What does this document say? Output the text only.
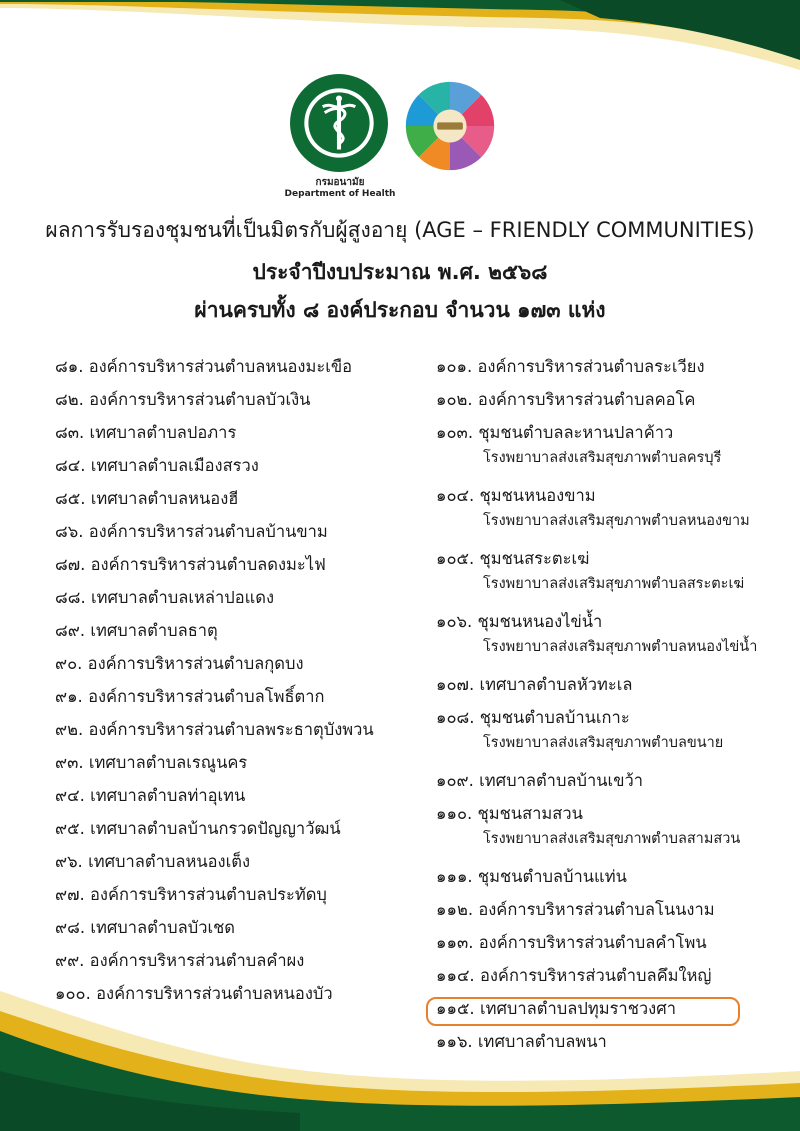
กรมอนามัย
Department of Health
ผลการรับรองชุมชนที่เป็นมิตรกับผู้สูงอายุ (AGE – FRIENDLY COMMUNITIES)
ประจำปีงบประมาณ พ.ศ. ๒๕๖๘
ผ่านครบทั้ง ๘ องค์ประกอบ จำนวน ๑๗๓ แห่ง
๘๑. องค์การบริหารส่วนตำบลหนองมะเขือ
๘๒. องค์การบริหารส่วนตำบลบัวเงิน
๘๓. เทศบาลตำบลปอภาร
๘๔. เทศบาลตำบลเมืองสรวง
๘๕. เทศบาลตำบลหนองฮี
๘๖. องค์การบริหารส่วนตำบลบ้านขาม
๘๗. องค์การบริหารส่วนตำบลดงมะไฟ
๘๘. เทศบาลตำบลเหล่าปอแดง
๘๙. เทศบาลตำบลธาตุ
๙๐. องค์การบริหารส่วนตำบลกุดบง
๙๑. องค์การบริหารส่วนตำบลโพธิ์ตาก
๙๒. องค์การบริหารส่วนตำบลพระธาตุบังพวน
๙๓. เทศบาลตำบลเรณูนคร
๙๔. เทศบาลตำบลท่าอุเทน
๙๕. เทศบาลตำบลบ้านกรวดปัญญาวัฒน์
๙๖. เทศบาลตำบลหนองเต็ง
๙๗. องค์การบริหารส่วนตำบลประทัดบุ
๙๘. เทศบาลตำบลบัวเชด
๙๙. องค์การบริหารส่วนตำบลคำผง
๑๐๐. องค์การบริหารส่วนตำบลหนองบัว
๑๐๑. องค์การบริหารส่วนตำบลระเวียง
๑๐๒. องค์การบริหารส่วนตำบลคอโค
๑๐๓. ชุมชนตำบลละหานปลาค้าว
โรงพยาบาลส่งเสริมสุขภาพตำบลครบุรี
๑๐๔. ชุมชนหนองขาม
โรงพยาบาลส่งเสริมสุขภาพตำบลหนองขาม
๑๐๕. ชุมชนสระตะเฆ่
โรงพยาบาลส่งเสริมสุขภาพตำบลสระตะเฆ่
๑๐๖. ชุมชนหนองไข่น้ำ
โรงพยาบาลส่งเสริมสุขภาพตำบลหนองไข่น้ำ
๑๐๗. เทศบาลตำบลหัวทะเล
๑๐๘. ชุมชนตำบลบ้านเกาะ
โรงพยาบาลส่งเสริมสุขภาพตำบลขนาย
๑๐๙. เทศบาลตำบลบ้านเขว้า
๑๑๐. ชุมชนสามสวน
โรงพยาบาลส่งเสริมสุขภาพตำบลสามสวน
๑๑๑. ชุมชนตำบลบ้านแท่น
๑๑๒. องค์การบริหารส่วนตำบลโนนงาม
๑๑๓. องค์การบริหารส่วนตำบลคำโพน
๑๑๔. องค์การบริหารส่วนตำบลคึมใหญ่
๑๑๕. เทศบาลตำบลปทุมราชวงศา
๑๑๖. เทศบาลตำบลพนา
